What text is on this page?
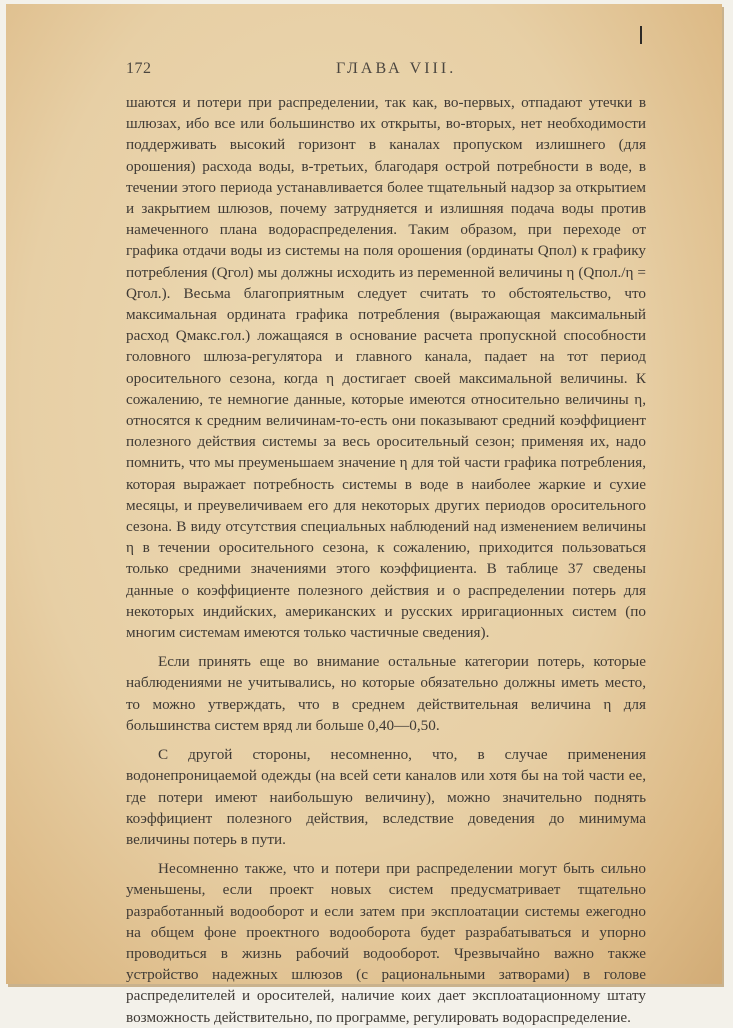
172	ГЛАВА VIII.

шаются и потери при распределении, так как, во-первых, отпадают утечки в шлюзах, ибо все или большинство их открыты, во-вторых, нет необходимости поддерживать высокий горизонт в каналах пропуском излишнего (для орошения) расхода воды, в-третьих, благодаря острой потребности в воде, в течении этого периода устанавливается более тщательный надзор за открытием и закрытием шлюзов, почему затрудняется и излишняя подача воды против намеченного плана водораспределения. Таким образом, при переходе от графика отдачи воды из системы на поля орошения (ординаты Qпол) к графику потребления (Qгол) мы должны исходить из переменной величины η (Qпол./η = Qгол.). Весьма благоприятным следует считать то обстоятельство, что максимальная ордината графика потребления (выражающая максимальный расход Qмакс.гол.) ложащаяся в основание расчета пропускной способности головного шлюза-регулятора и главного канала, падает на тот период оросительного сезона, когда η достигает своей максимальной величины. К сожалению, те немногие данные, которые имеются относительно величины η, относятся к средним величинам-то-есть они показывают средний коэффициент полезного действия системы за весь оросительный сезон; применяя их, надо помнить, что мы преуменьшаем значение η для той части графика потребления, которая выражает потребность системы в воде в наиболее жаркие и сухие месяцы, и преувеличиваем его для некоторых других периодов оросительного сезона. В виду отсутствия специальных наблюдений над изменением величины η в течении оросительного сезона, к сожалению, приходится пользоваться только средними значениями этого коэффициента. В таблице 37 сведены данные о коэффициенте полезного действия и о распределении потерь для некоторых индийских, американских и русских ирригационных систем (по многим системам имеются только частичные сведения).

Если принять еще во внимание остальные категории потерь, которые наблюдениями не учитывались, но которые обязательно должны иметь место, то можно утверждать, что в среднем действительная величина η для большинства систем вряд ли больше 0,40—0,50.

С другой стороны, несомненно, что, в случае применения водонепроницаемой одежды (на всей сети каналов или хотя бы на той части ее, где потери имеют наибольшую величину), можно значительно поднять коэффициент полезного действия, вследствие доведения до минимума величины потерь в пути.

Несомненно также, что и потери при распределении могут быть сильно уменьшены, если проект новых систем предусматривает тщательно разработанный водооборот и если затем при эксплоатации системы ежегодно на общем фоне проектного водооборота будет разрабатываться и упорно проводиться в жизнь рабочий водооборот. Чрезвычайно важно также устройство надежных шлюзов (с рациональными затворами) в голове распределителей и оросителей, наличие коих дает эксплоатационному штату возможность действительно, по программе, регулировать водораспределение.
